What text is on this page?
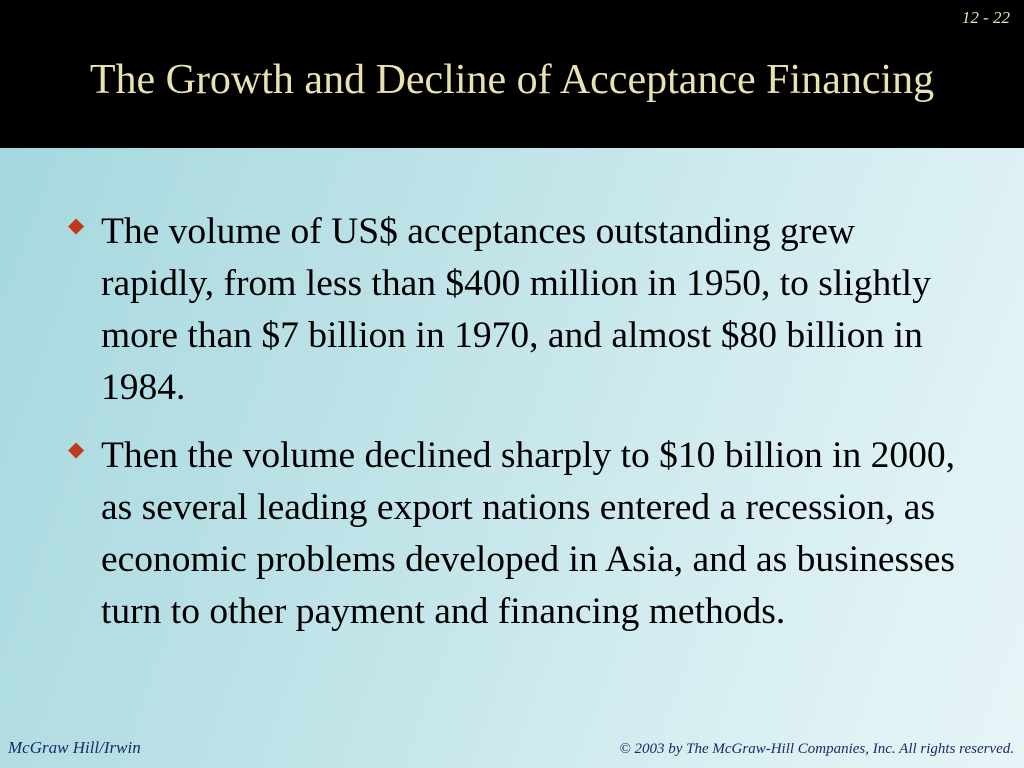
12 - 22
The Growth and Decline of Acceptance Financing
◆ The volume of US$ acceptances outstanding grew rapidly, from less than $400 million in 1950, to slightly more than $7 billion in 1970, and almost $80 billion in 1984.
◆ Then the volume declined sharply to $10 billion in 2000, as several leading export nations entered a recession, as economic problems developed in Asia, and as businesses turn to other payment and financing methods.
McGraw Hill/Irwin	© 2003 by The McGraw-Hill Companies, Inc. All rights reserved.
